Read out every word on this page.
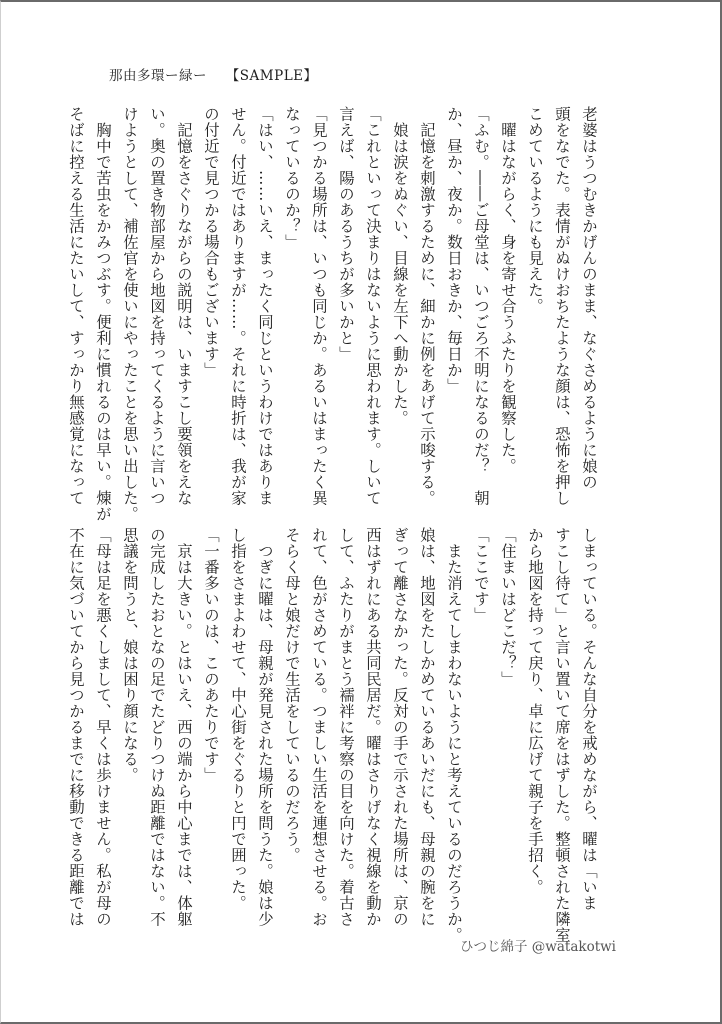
那由多環ー緑ー 【SAMPLE】
老婆はうつむきかげんのまま、なぐさめるように娘の
頭をなでた。表情がぬけおちたような顔は、恐怖を押し
こめているようにも見えた。
　曜はながらく、身を寄せ合うふたりを観察した。
「ふむ。――ご母堂は、いつごろ不明になるのだ？　朝
か、昼か、夜か。数日おきか、毎日か」
　記憶を刺激するために、細かに例をあげて示唆する。
　娘は涙をぬぐい、目線を左下へ動かした。
「これといって決まりはないように思われます。しいて
言えば、陽のあるうちが多いかと」
「見つかる場所は、いつも同じか。あるいはまったく異
なっているのか？」
「はい、……いえ、まったく同じというわけではありま
せん。付近ではありますが……。それに時折は、我が家
の付近で見つかる場合もございます」
　記憶をさぐりながらの説明は、いますこし要領をえな
い。奥の置き物部屋から地図を持ってくるように言いつ
けようとして、補佐官を使いにやったことを思い出した。
　胸中で苦虫をかみつぶす。便利に慣れるのは早い。煉が
そばに控える生活にたいして、すっかり無感覚になって
しまっている。そんな自分を戒めながら、曜は「いま
すこし待て」と言い置いて席をはずした。整頓された隣室
から地図を持って戻り、卓に広げて親子を手招く。
「住まいはどこだ？」
「ここです」
　また消えてしまわないようにと考えているのだろうか。
娘は、地図をたしかめているあいだにも、母親の腕をに
ぎって離さなかった。反対の手で示された場所は、京の
西はずれにある共同民居だ。曜はさりげなく視線を動か
して、ふたりがまとう襦袢に考察の目を向けた。着古さ
れて、色がさめている。つましい生活を連想させる。お
そらく母と娘だけで生活をしているのだろう。
　つぎに曜は、母親が発見された場所を問うた。娘は少
し指をさまよわせて、中心街をぐるりと円で囲った。
「一番多いのは、このあたりです」
　京は大きい。とはいえ、西の端から中心までは、体躯
の完成したおとなの足でたどりつけぬ距離ではない。不
思議を問うと、娘は困り顔になる。
「母は足を悪くしまして、早くは歩けません。私が母の
不在に気づいてから見つかるまでに移動できる距離では
ひつじ綿子 @watakotwi
